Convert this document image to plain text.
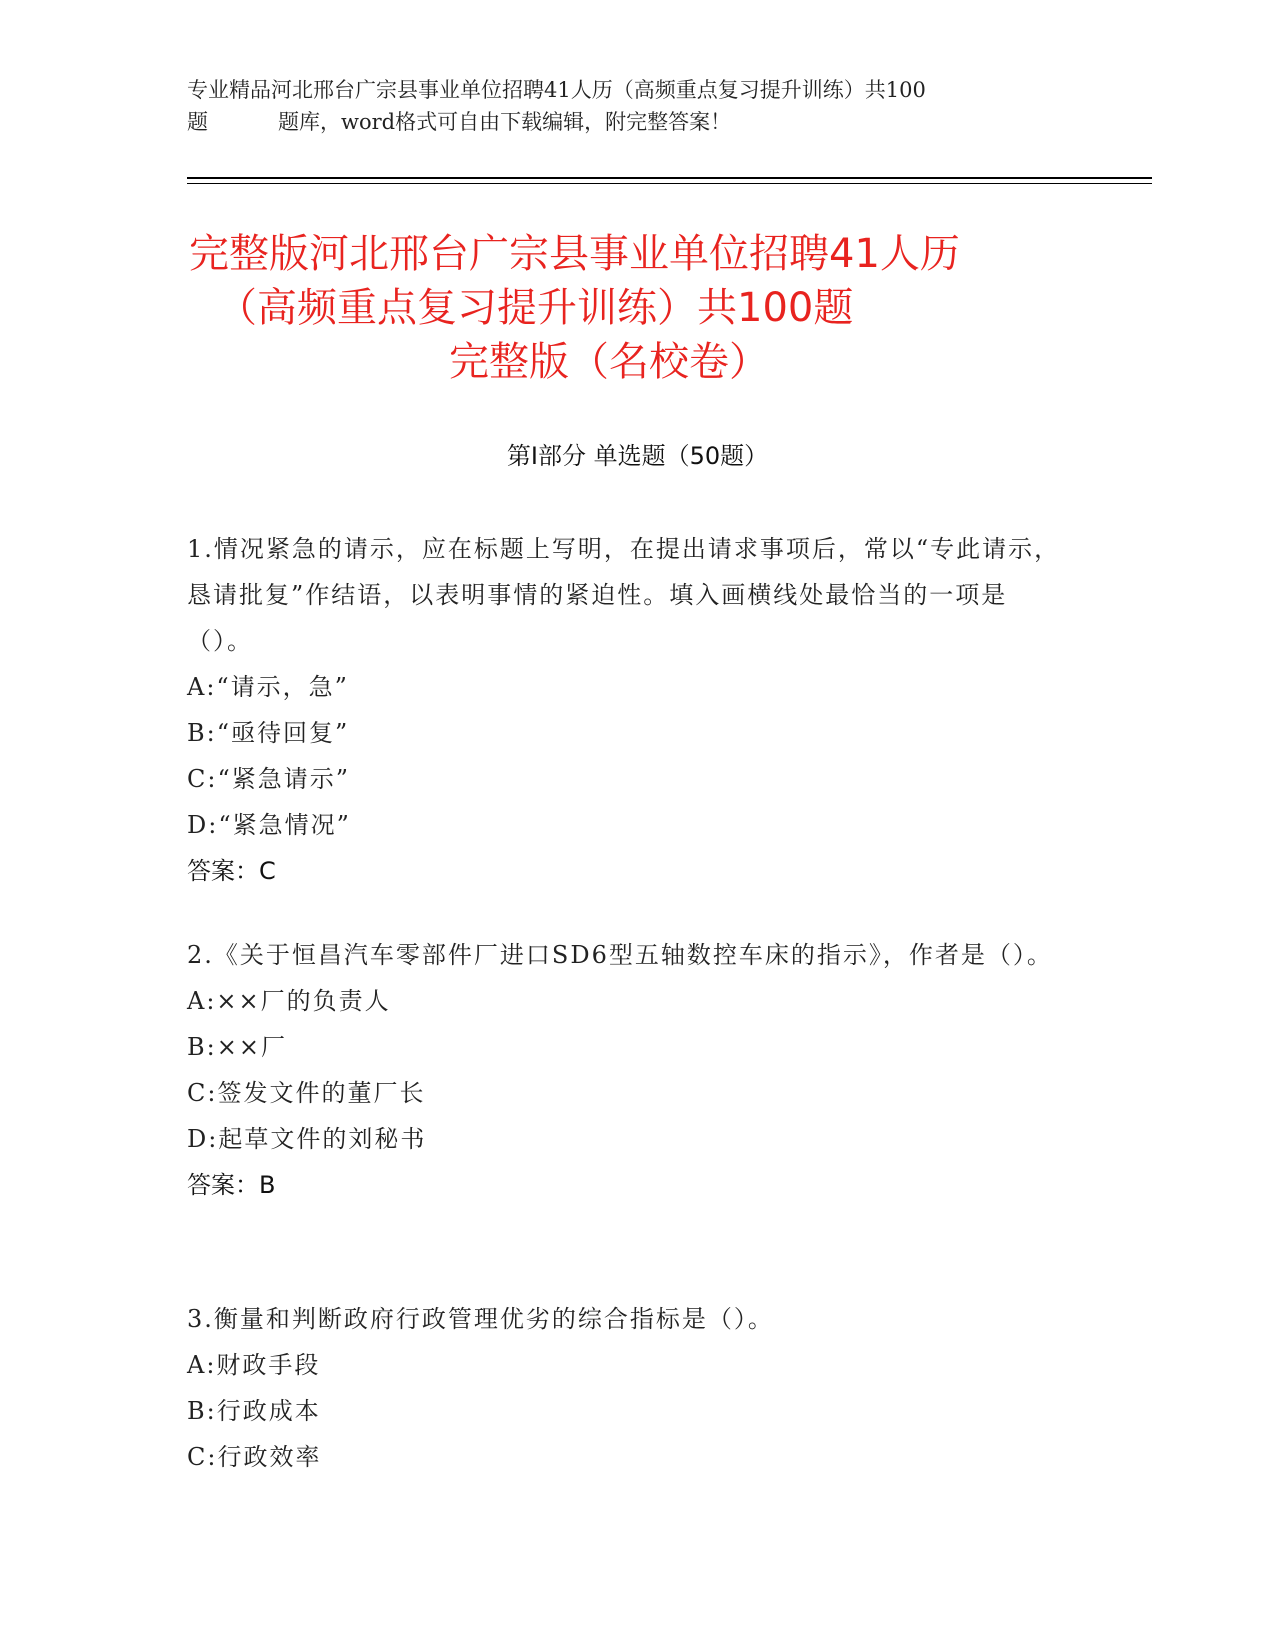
专业精品河北邢台广宗县事业单位招聘41人历（高频重点复习提升训练）共100
题	题库，word格式可自由下载编辑，附完整答案！
完整版河北邢台广宗县事业单位招聘41人历
（高频重点复习提升训练）共100题
完整版（名校卷）
第Ⅰ部分 单选题（50题）
1.情况紧急的请示，应在标题上写明，在提出请求事项后，常以“专此请示，恳请批复”作结语，以表明事情的紧迫性。填入画横线处最恰当的一项是（）。
A:“请示，急”
B:“亟待回复”
C:“紧急请示”
D:“紧急情况”
答案：C
2.《关于恒昌汽车零部件厂进口SD6型五轴数控车床的指示》，作者是（）。
A:××厂的负责人
B:××厂
C:签发文件的董厂长
D:起草文件的刘秘书
答案：B
3.衡量和判断政府行政管理优劣的综合指标是（）。
A:财政手段
B:行政成本
C:行政效率
